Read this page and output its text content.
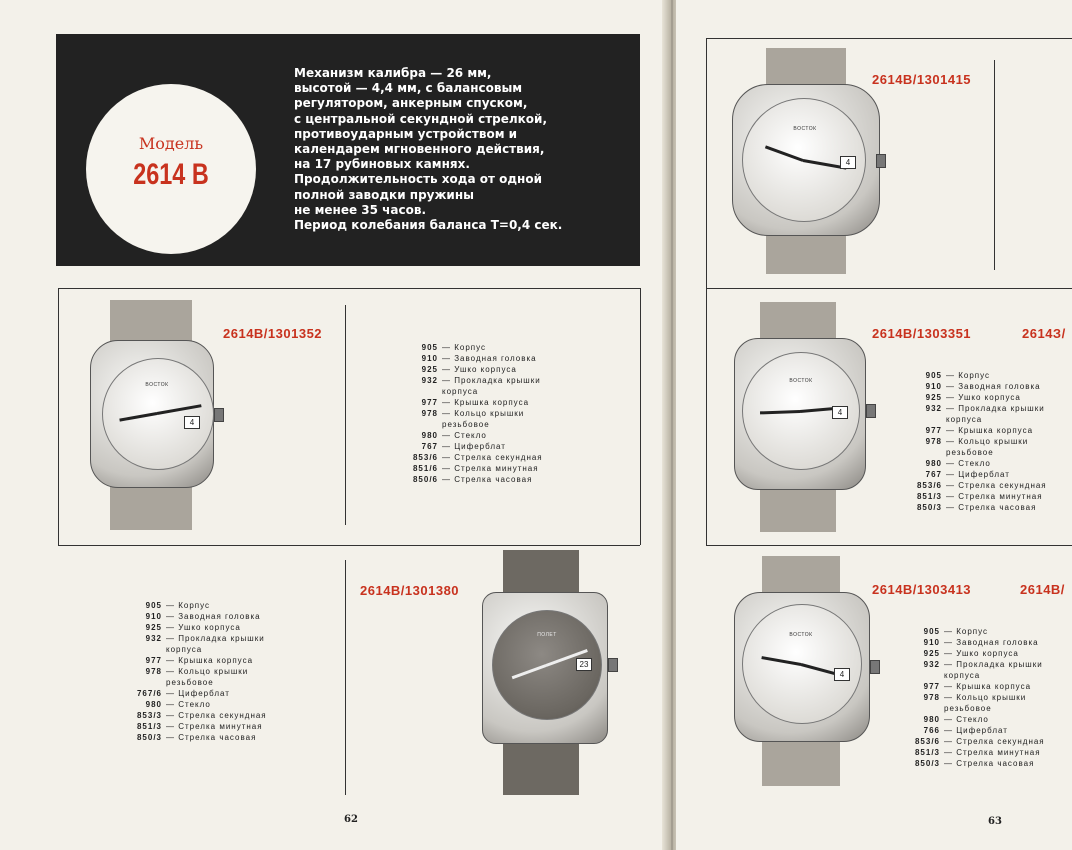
Модель
2614 В
Механизм калибра — 26 мм,
высотой — 4,4 мм, с балансовым
регулятором, анкерным спуском,
с центральной секундной стрелкой,
противоударным устройством и
календарем мгновенного действия,
на 17 рубиновых камнях.
Продолжительность хода от одной
полной заводки пружины
не менее 35 часов.
Период колебания баланса Т=0,4 сек.
ВОСТОК
4
2614В/1301352
905 — Корпус
910 — Заводная головка
925 — Ушко корпуса
932 — Прокладка крышки
корпуса
977 — Крышка корпуса
978 — Кольцо крышки
резьбовое
980 — Стекло
767 — Циферблат
853/6 — Стрелка секундная
851/6 — Стрелка минутная
850/6 — Стрелка часовая
905 — Корпус
910 — Заводная головка
925 — Ушко корпуса
932 — Прокладка крышки
корпуса
977 — Крышка корпуса
978 — Кольцо крышки
резьбовое
767/6 — Циферблат
980 — Стекло
853/3 — Стрелка секундная
851/3 — Стрелка минутная
850/3 — Стрелка часовая
2614В/1301380
ПОЛЕТ
23
62
ВОСТОК
4
2614В/1301415
ВОСТОК
4
2614В/1303351	2614З/
905 — Корпус
910 — Заводная головка
925 — Ушко корпуса
932 — Прокладка крышки
корпуса
977 — Крышка корпуса
978 — Кольцо крышки
резьбовое
980 — Стекло
767 — Циферблат
853/6 — Стрелка секундная
851/3 — Стрелка минутная
850/3 — Стрелка часовая
ВОСТОК
4
2614В/1303413	2614В/
905 — Корпус
910 — Заводная головка
925 — Ушко корпуса
932 — Прокладка крышки
корпуса
977 — Крышка корпуса
978 — Кольцо крышки
резьбовое
980 — Стекло
766 — Циферблат
853/6 — Стрелка секундная
851/3 — Стрелка минутная
850/3 — Стрелка часовая
63
